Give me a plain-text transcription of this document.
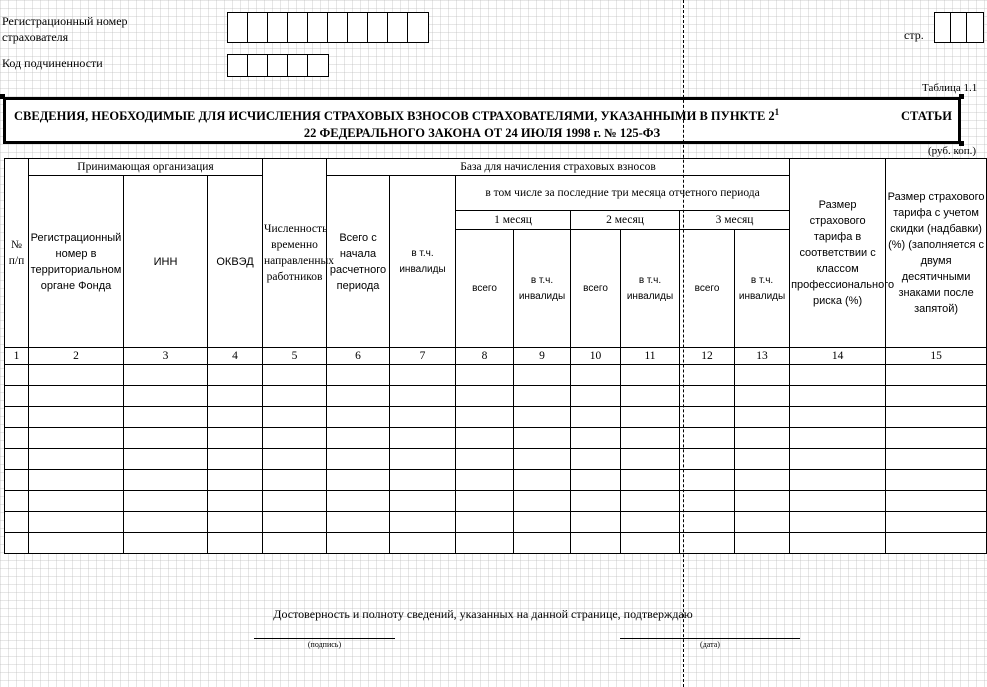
Регистрационный номер
страхователя
Код подчиненности
стр.
Таблица 1.1
СВЕДЕНИЯ, НЕОБХОДИМЫЕ ДЛЯ ИСЧИСЛЕНИЯ СТРАХОВЫХ ВЗНОСОВ СТРАХОВАТЕЛЯМИ, УКАЗАННЫМИ В ПУНКТЕ $2^1$	СТАТЬИ
22 ФЕДЕРАЛЬНОГО ЗАКОНА ОТ 24 ИЮЛЯ 1998 г. № 125-ФЗ
(руб. коп.)
№ п/п	Принимающая организация			Численность временно направленных работников	База для начисления страховых взносов								Размер страхового тарифа в соответствии с классом профессионального риска (%)	Размер страхового тарифа с учетом скидки (надбавки) (%) (заполняется с двумя десятичными знаками после запятой)
	Регистрационный номер в территориальном органе Фонда	ИНН	ОКВЭД		Всего с начала расчетного периода	в т.ч. инвалиды	в том числе за последние три месяца отчетного периода							
							1 месяц		2 месяц		3 месяц			
							всего	в т.ч. инвалиды	всего	в т.ч. инвалиды	всего	в т.ч. инвалиды		
1	2	3	4	5	6	7	8	9	10	11	12	13	14	15

Достоверность и полноту сведений, указанных на данной странице, подтверждаю
(подпись)	(дата)
